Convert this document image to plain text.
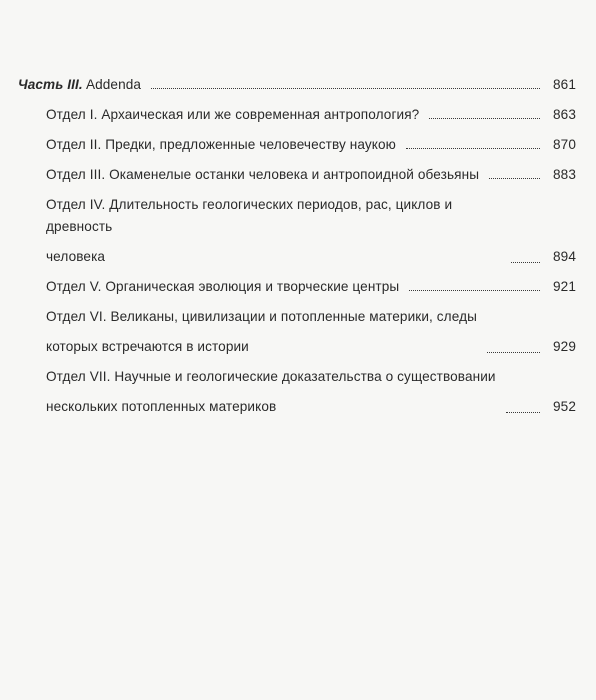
Часть III. Addenda	861
Отдел I. Архаическая или же современная антропология?	863
Отдел II. Предки, предложенные человечеству наукою	870
Отдел III. Окаменелые останки человека и антропоидной обезьяны	883
Отдел IV. Длительность геологических периодов, рас, циклов и древность
человека	894
Отдел V. Органическая эволюция и творческие центры	921
Отдел VI. Великаны, цивилизации и потопленные материки, следы
которых встречаются в истории	929
Отдел VII. Научные и геологические доказательства о существовании
нескольких потопленных материков	952
